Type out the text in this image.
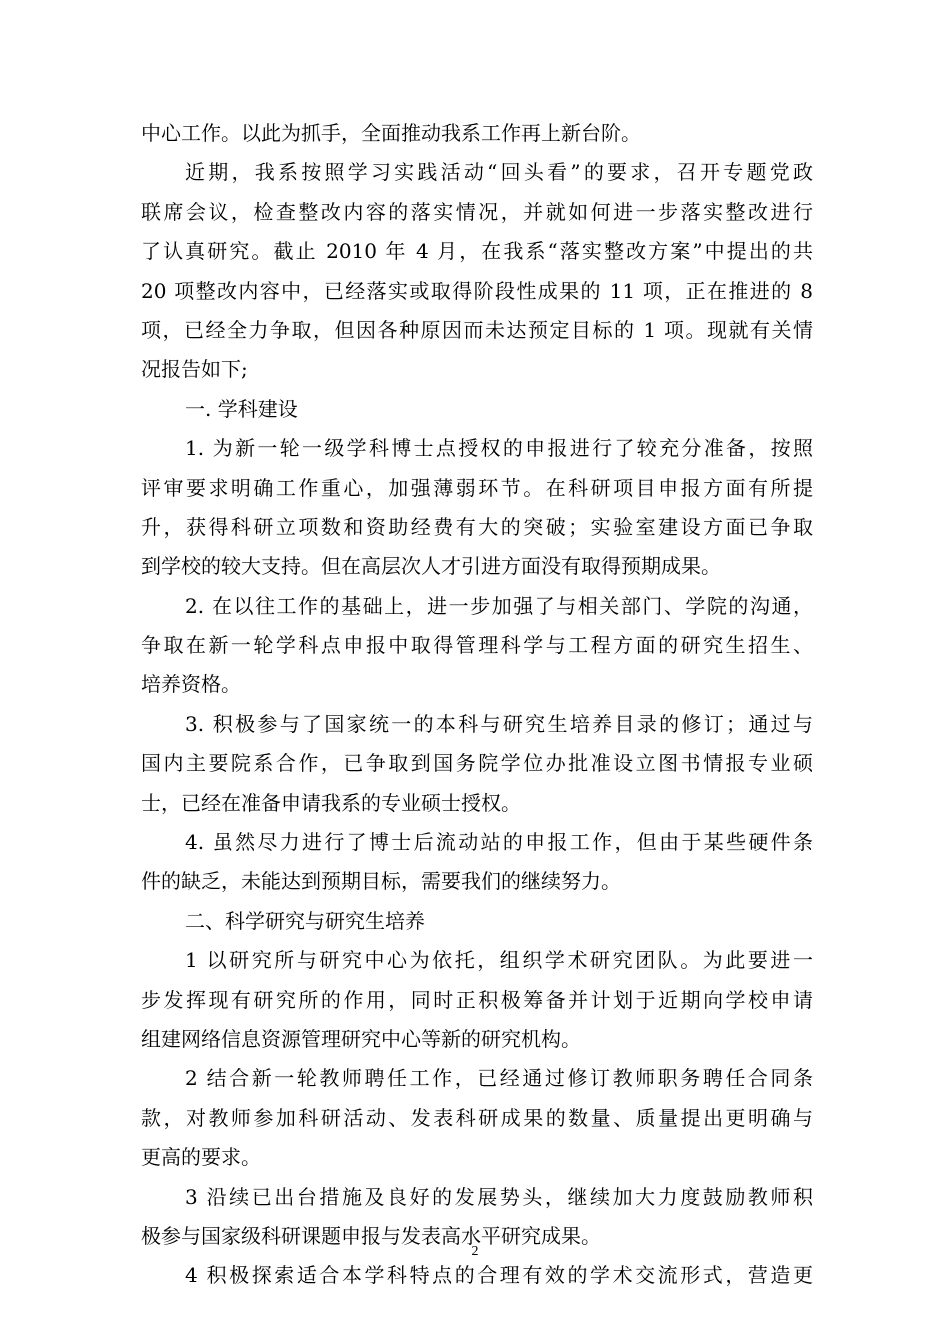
中心工作。以此为抓手，全面推动我系工作再上新台阶。
近期，我系按照学习实践活动“回头看”的要求，召开专题党政
联席会议，检查整改内容的落实情况，并就如何进一步落实整改进行
了认真研究。截止 2010 年 4 月，在我系“落实整改方案”中提出的共
20 项整改内容中，已经落实或取得阶段性成果的 11 项，正在推进的 8
项，已经全力争取，但因各种原因而未达预定目标的 1 项。现就有关情
况报告如下;
一. 学科建设
1. 为新一轮一级学科博士点授权的申报进行了较充分准备，按照
评审要求明确工作重心，加强薄弱环节。在科研项目申报方面有所提
升，获得科研立项数和资助经费有大的突破；实验室建设方面已争取
到学校的较大支持。但在高层次人才引进方面没有取得预期成果。
2. 在以往工作的基础上，进一步加强了与相关部门、学院的沟通，
争取在新一轮学科点申报中取得管理科学与工程方面的研究生招生、
培养资格。
3. 积极参与了国家统一的本科与研究生培养目录的修订；通过与
国内主要院系合作，已争取到国务院学位办批准设立图书情报专业硕
士，已经在准备申请我系的专业硕士授权。
4. 虽然尽力进行了博士后流动站的申报工作，但由于某些硬件条
件的缺乏，未能达到预期目标，需要我们的继续努力。
二、科学研究与研究生培养
1 以研究所与研究中心为依托，组织学术研究团队。为此要进一
步发挥现有研究所的作用，同时正积极筹备并计划于近期向学校申请
组建网络信息资源管理研究中心等新的研究机构。
2 结合新一轮教师聘任工作，已经通过修订教师职务聘任合同条
款，对教师参加科研活动、发表科研成果的数量、质量提出更明确与
更高的要求。
3 沿续已出台措施及良好的发展势头，继续加大力度鼓励教师积
极参与国家级科研课题申报与发表高水平研究成果。
4 积极探索适合本学科特点的合理有效的学术交流形式，营造更
2
